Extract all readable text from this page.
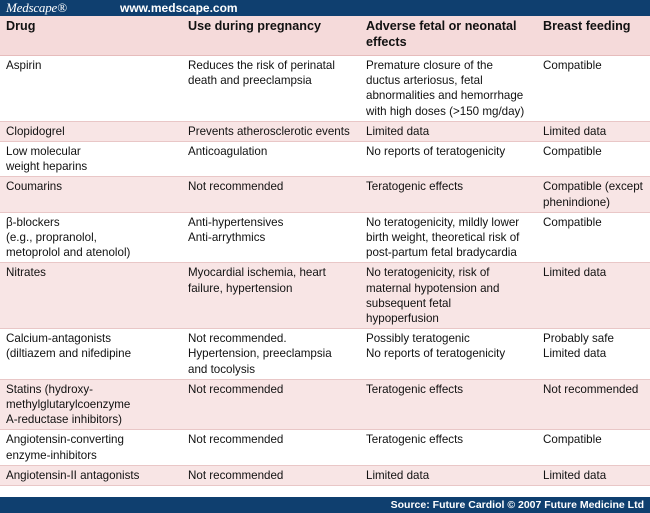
Medscape®	www.medscape.com
Drug	Use during pregnancy	Adverse fetal or neonatal effects	Breast feeding

Aspirin	Reduces the risk of perinatal
death and preeclampsia	Premature closure of the
ductus arteriosus, fetal
abnormalities and hemorrhage
with high doses (>150 mg/day)	Compatible

Clopidogrel	Prevents atherosclerotic events	Limited data	Limited data

Low molecular
weight heparins	Anticoagulation	No reports of teratogenicity	Compatible

Coumarins	Not recommended	Teratogenic effects	Compatible (except
phenindione)

β-blockers
(e.g., propranolol,
metoprolol and atenolol)	Anti-hypertensives
Anti-arrythmics	No teratogenicity, mildly lower
birth weight, theoretical risk of
post-partum fetal bradycardia	Compatible

Nitrates	Myocardial ischemia, heart
failure, hypertension	No teratogenicity, risk of
maternal hypotension and
subsequent fetal
hypoperfusion	Limited data

Calcium-antagonists
(diltiazem and nifedipine	Not recommended.
Hypertension, preeclampsia
and tocolysis	Possibly teratogenic
No reports of teratogenicity	Probably safe
Limited data

Statins (hydroxy-
methylglutarylcoenzyme
A-reductase inhibitors)	Not recommended	Teratogenic effects	Not recommended

Angiotensin-converting
enzyme-inhibitors	Not recommended	Teratogenic effects	Compatible

Angiotensin-II antagonists	Not recommended	Limited data	Limited data
Source: Future Cardiol © 2007 Future Medicine Ltd
